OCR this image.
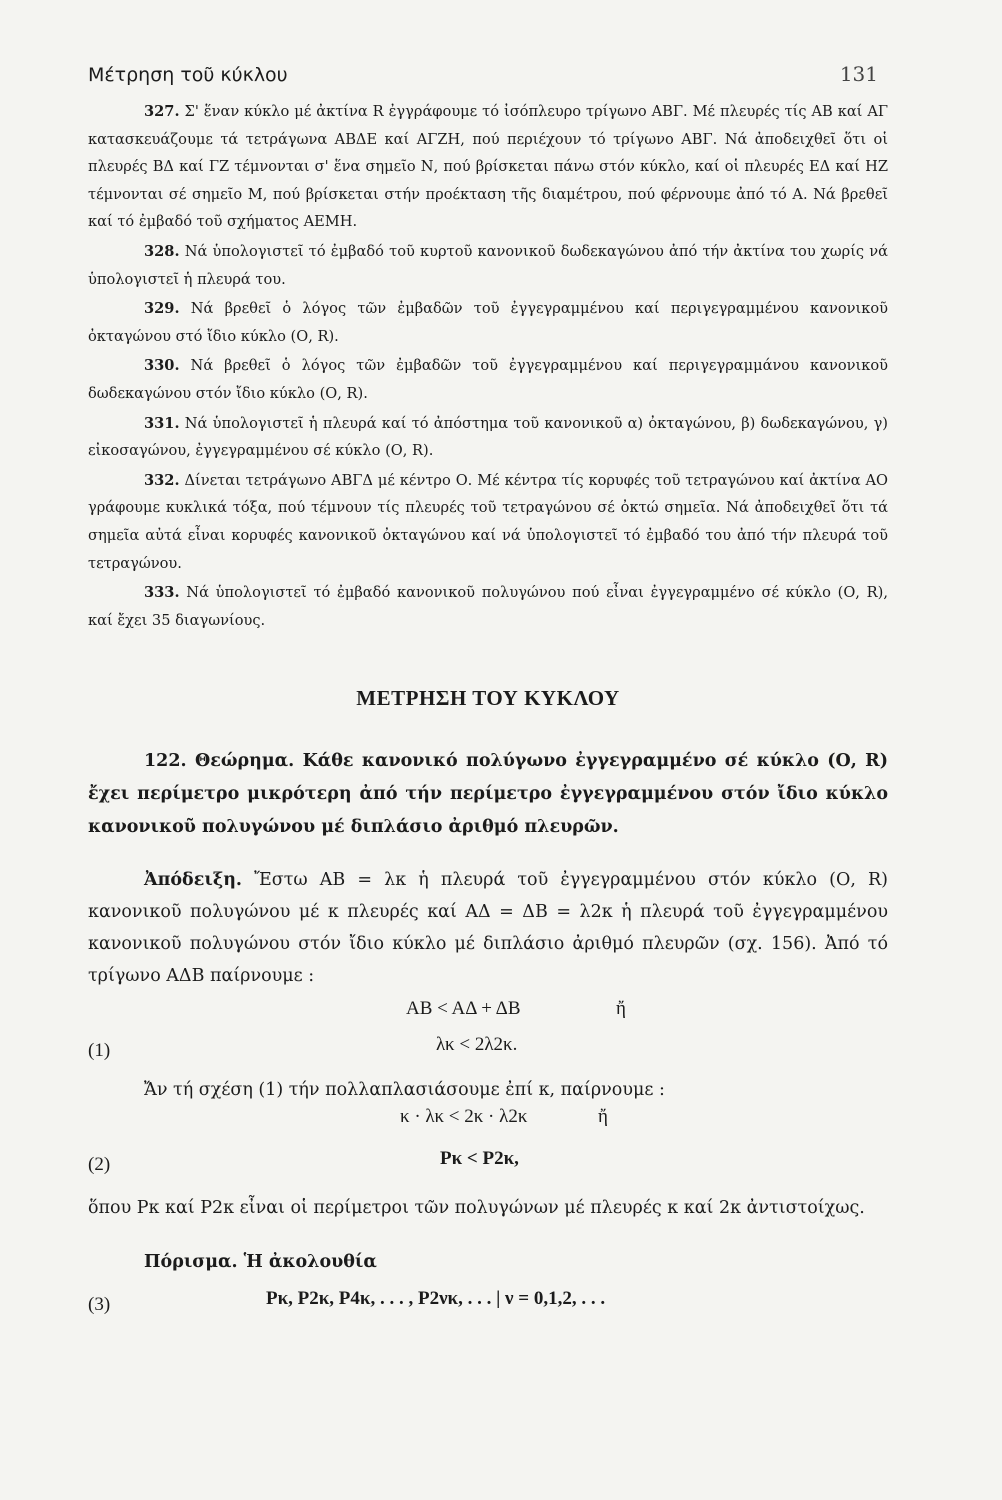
Μέτρηση τοῦ κύκλου	131

327. Σ' ἕναν κύκλο μέ ἀκτίνα R ἐγγράφουμε τό ἰσόπλευρο τρίγωνο ΑΒΓ. Μέ πλευρές τίς ΑΒ καί ΑΓ κατασκευάζουμε τά τετράγωνα ΑΒΔΕ καί ΑΓΖΗ, πού περιέχουν τό τρίγωνο ΑΒΓ. Νά ἀποδειχθεῖ ὅτι οἱ πλευρές ΒΔ καί ΓΖ τέμνονται σ' ἕνα σημεῖο Ν, πού βρίσκεται πάνω στόν κύκλο, καί οἱ πλευρές ΕΔ καί ΗΖ τέμνονται σέ σημεῖο Μ, πού βρίσκεται στήν προέκταση τῆς διαμέτρου, πού φέρνουμε ἀπό τό Α. Νά βρεθεῖ καί τό ἐμβαδό τοῦ σχήματος ΑΕΜΗ.

328. Νά ὑπολογιστεῖ τό ἐμβαδό τοῦ κυρτοῦ κανονικοῦ δωδεκαγώνου ἀπό τήν ἀκτίνα του χωρίς νά ὑπολογιστεῖ ἡ πλευρά του.

329. Νά βρεθεῖ ὁ λόγος τῶν ἐμβαδῶν τοῦ ἐγγεγραμμένου καί περιγεγραμμένου κανονικοῦ ὀκταγώνου στό ἴδιο κύκλο (Ο, R).

330. Νά βρεθεῖ ὁ λόγος τῶν ἐμβαδῶν τοῦ ἐγγεγραμμένου καί περιγεγραμμάνου κανονικοῦ δωδεκαγώνου στόν ἴδιο κύκλο (Ο, R).

331. Νά ὑπολογιστεῖ ἡ πλευρά καί τό ἀπόστημα τοῦ κανονικοῦ α) ὀκταγώνου, β) δωδεκαγώνου, γ) εἰκοσαγώνου, ἐγγεγραμμένου σέ κύκλο (Ο, R).

332. Δίνεται τετράγωνο ΑΒΓΔ μέ κέντρο Ο. Μέ κέντρα τίς κορυφές τοῦ τετραγώνου καί ἀκτίνα ΑΟ γράφουμε κυκλικά τόξα, πού τέμνουν τίς πλευρές τοῦ τετραγώνου σέ ὀκτώ σημεῖα. Νά ἀποδειχθεῖ ὅτι τά σημεῖα αὐτά εἶναι κορυφές κανονικοῦ ὀκταγώνου καί νά ὑπολογιστεῖ τό ἐμβαδό του ἀπό τήν πλευρά τοῦ τετραγώνου.

333. Νά ὑπολογιστεῖ τό ἐμβαδό κανονικοῦ πολυγώνου πού εἶναι ἐγγεγραμμένο σέ κύκλο (Ο, R), καί ἔχει 35 διαγωνίους.

ΜΕΤΡΗΣΗ ΤΟΥ ΚΥΚΛΟΥ

122. Θεώρημα. Κάθε κανονικό πολύγωνο ἐγγεγραμμένο σέ κύκλο (Ο, R) ἔχει περίμετρο μικρότερη ἀπό τήν περίμετρο ἐγγεγραμμένου στόν ἴδιο κύκλο κανονικοῦ πολυγώνου μέ διπλάσιο ἀριθμό πλευρῶν.

Ἀπόδειξη. Ἔστω ΑΒ = λκ ἡ πλευρά τοῦ ἐγγεγραμμένου στόν κύκλο (Ο, R) κανονικοῦ πολυγώνου μέ κ πλευρές καί ΑΔ = ΔΒ = λ2κ ἡ πλευρά τοῦ ἐγγεγραμμένου κανονικοῦ πολυγώνου στόν ἴδιο κύκλο μέ διπλάσιο ἀριθμό πλευρῶν (σχ. 156). Ἀπό τό τρίγωνο ΑΔΒ παίρνουμε :

ΑΒ < ΑΔ + ΔΒ	ἤ
(1)	λκ < 2λ2κ.

Ἄν τή σχέση (1) τήν πολλαπλασιάσουμε ἐπί κ, παίρνουμε :

κ · λκ < 2κ · λ2κ	ἤ
(2)	Pκ < P2κ,

ὅπου Pκ καί P2κ εἶναι οἱ περίμετροι τῶν πολυγώνων μέ πλευρές κ καί 2κ ἀντιστοίχως.

Πόρισμα. Ἡ ἀκολουθία

(3)	Pκ, P2κ, P4κ, . . . , P2νκ, . . . | ν = 0,1,2, . . .
